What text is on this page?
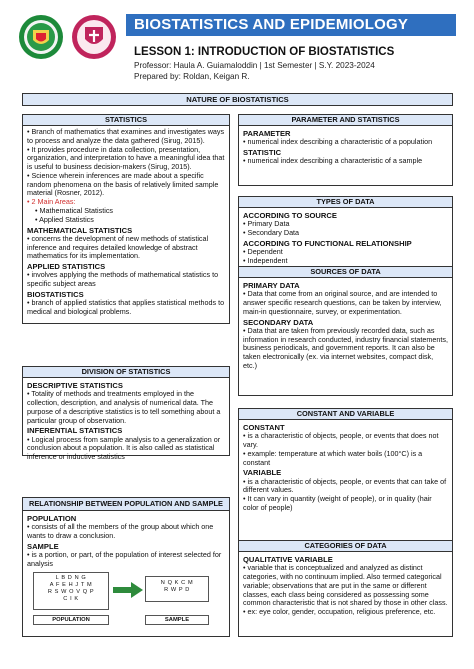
BIOSTATISTICS AND EPIDEMIOLOGY
LESSON 1: INTRODUCTION OF BIOSTATISTICS
Professor: Haula A. Guiamaloddin | 1st Semester | S.Y. 2023-2024
Prepared by: Roldan, Keigan R.
NATURE OF BIOSTATISTICS
STATISTICS
• Branch of mathematics that examines and investigates ways to process and analyze the data gathered (Sirug, 2015).
• It provides procedure in data collection, presentation, organization, and interpretation to have a meaningful idea that is useful to business decision-makers (Sirug, 2015).
• Science wherein inferences are made about a specific random phenomena on the basis of relatively limited sample material (Rosner, 2012).
• 2 Main Areas:
• Mathematical Statistics
• Applied Statistics
MATHEMATICAL STATISTICS
• concerns the development of new methods of statistical inference and requires detailed knowledge of abstract mathematics for its implementation.
APPLIED STATISTICS
• involves applying the methods of mathematical statistics to specific subject areas
BIOSTATISTICS
• branch of applied statistics that applies statistical methods to medical and biological problems.
DIVISION OF STATISTICS
DESCRIPTIVE STATISTICS
• Totality of methods and treatments employed in the collection, description, and analysis of numerical data. The purpose of a descriptive statistics is to tell something about a particular group of observation.
INFERENTIAL STATISTICS
• Logical process from sample analysis to a generalization or conclusion about a population. It is also called as statistical inference or inductive statistics
RELATIONSHIP BETWEEN POPULATION AND SAMPLE
POPULATION
• consists of all the members of the group about which one wants to draw a conclusion.
SAMPLE
• is a portion, or part, of the population of interest selected for analysis
L B D N G
A F E H J T M
R S W O V Q P
C I K
N Q K C M
R W P D
POPULATION	SAMPLE
PARAMETER AND STATISTICS
PARAMETER
• numerical index describing a characteristic of a population
STATISTIC
• numerical index describing a characteristic of a sample
TYPES OF DATA
ACCORDING TO SOURCE
• Primary Data
• Secondary Data
ACCORDING TO FUNCTIONAL RELATIONSHIP
• Dependent
• Independent
SOURCES OF DATA
PRIMARY DATA
• Data that come from an original source, and are intended to answer specific research questions, can be taken by interview, main-in questionnaire, survey, or experimentation.
SECONDARY DATA
• Data that are taken from previously recorded data, such as information in research conducted, industry financial statements, business periodicals, and government reports. It can also be taken electronically (ex. via internet websites, compact disk, etc.)
CONSTANT AND VARIABLE
CONSTANT
• is a characteristic of objects, people, or events that does not vary.
• example: temperature at which water boils (100°C) is a constant
VARIABLE
• is a characteristic of objects, people, or events that can take of different values.
• It can vary in quantity (weight of people), or in quality (hair color of people)
CATEGORIES OF DATA
QUALITATIVE VARIABLE
• variable that is conceptualized and analyzed as distinct categories, with no continuum implied. Also termed categorical variable; observations that are put in the same or different classes, each class being considered as possessing some common characteristic that is not shared by those in other class.
• ex: eye color, gender, occupation, religious preference, etc.
